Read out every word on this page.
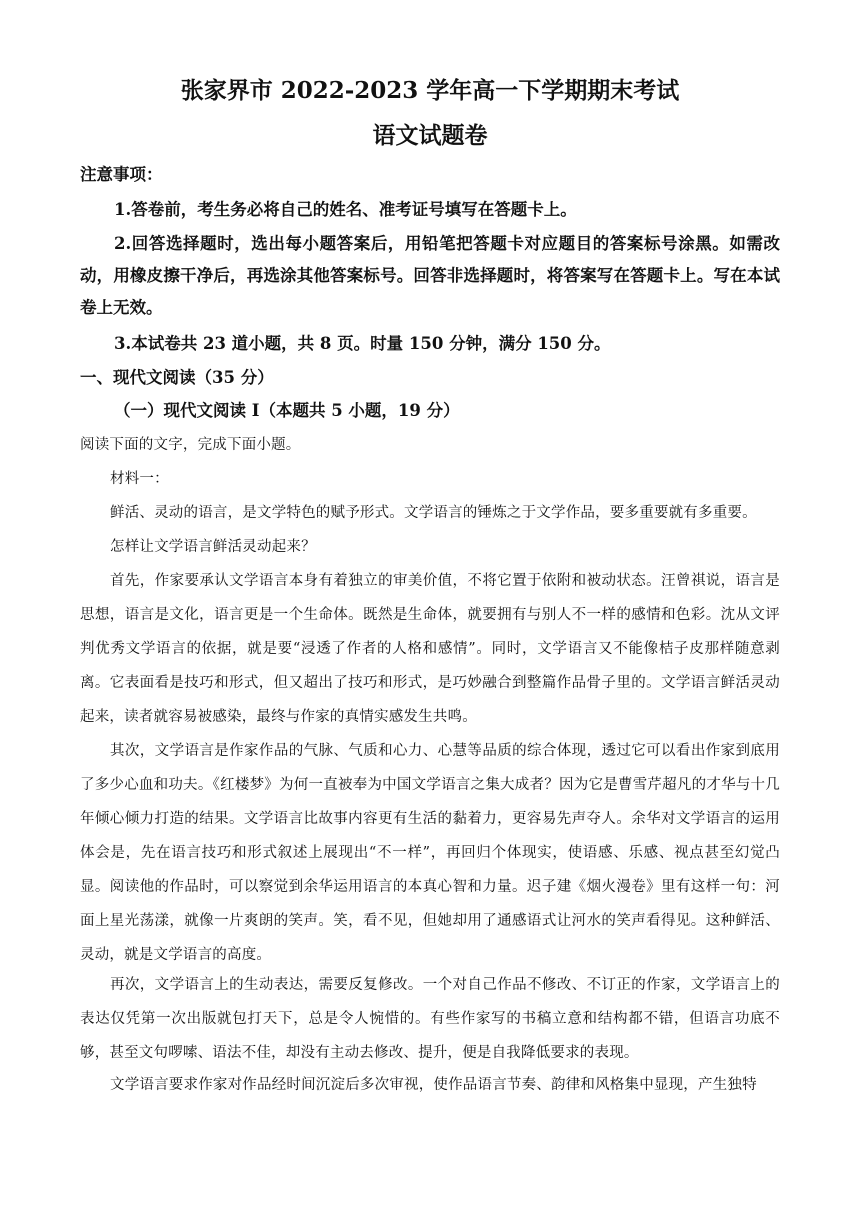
张家界市 2022-2023 学年高一下学期期末考试
语文试题卷
注意事项：
1.答卷前，考生务必将自己的姓名、准考证号填写在答题卡上。
2.回答选择题时，选出每小题答案后，用铅笔把答题卡对应题目的答案标号涂黑。如需改动，用橡皮擦干净后，再选涂其他答案标号。回答非选择题时，将答案写在答题卡上。写在本试卷上无效。
3.本试卷共 23 道小题，共 8 页。时量 150 分钟，满分 150 分。
一、现代文阅读（35 分）
（一）现代文阅读 I（本题共 5 小题，19 分）
阅读下面的文字，完成下面小题。
材料一：
鲜活、灵动的语言，是文学特色的赋予形式。文学语言的锤炼之于文学作品，要多重要就有多重要。
怎样让文学语言鲜活灵动起来？
首先，作家要承认文学语言本身有着独立的审美价值，不将它置于依附和被动状态。汪曾祺说，语言是思想，语言是文化，语言更是一个生命体。既然是生命体，就要拥有与别人不一样的感情和色彩。沈从文评判优秀文学语言的依据，就是要“浸透了作者的人格和感情”。同时，文学语言又不能像桔子皮那样随意剥离。它表面看是技巧和形式，但又超出了技巧和形式，是巧妙融合到整篇作品骨子里的。文学语言鲜活灵动起来，读者就容易被感染，最终与作家的真情实感发生共鸣。
其次，文学语言是作家作品的气脉、气质和心力、心慧等品质的综合体现，透过它可以看出作家到底用了多少心血和功夫。《红楼梦》为何一直被奉为中国文学语言之集大成者？因为它是曹雪芹超凡的才华与十几年倾心倾力打造的结果。文学语言比故事内容更有生活的黏着力，更容易先声夺人。余华对文学语言的运用体会是，先在语言技巧和形式叙述上展现出“不一样”，再回归个体现实，使语感、乐感、视点甚至幻觉凸显。阅读他的作品时，可以察觉到余华运用语言的本真心智和力量。迟子建《烟火漫卷》里有这样一句：河面上星光荡漾，就像一片爽朗的笑声。笑，看不见，但她却用了通感语式让河水的笑声看得见。这种鲜活、灵动，就是文学语言的高度。
再次，文学语言上的生动表达，需要反复修改。一个对自己作品不修改、不订正的作家，文学语言上的表达仅凭第一次出版就包打天下，总是令人惋惜的。有些作家写的书稿立意和结构都不错，但语言功底不够，甚至文句啰嗦、语法不佳，却没有主动去修改、提升，便是自我降低要求的表现。
文学语言要求作家对作品经时间沉淀后多次审视，使作品语言节奏、韵律和风格集中显现，产生独特
